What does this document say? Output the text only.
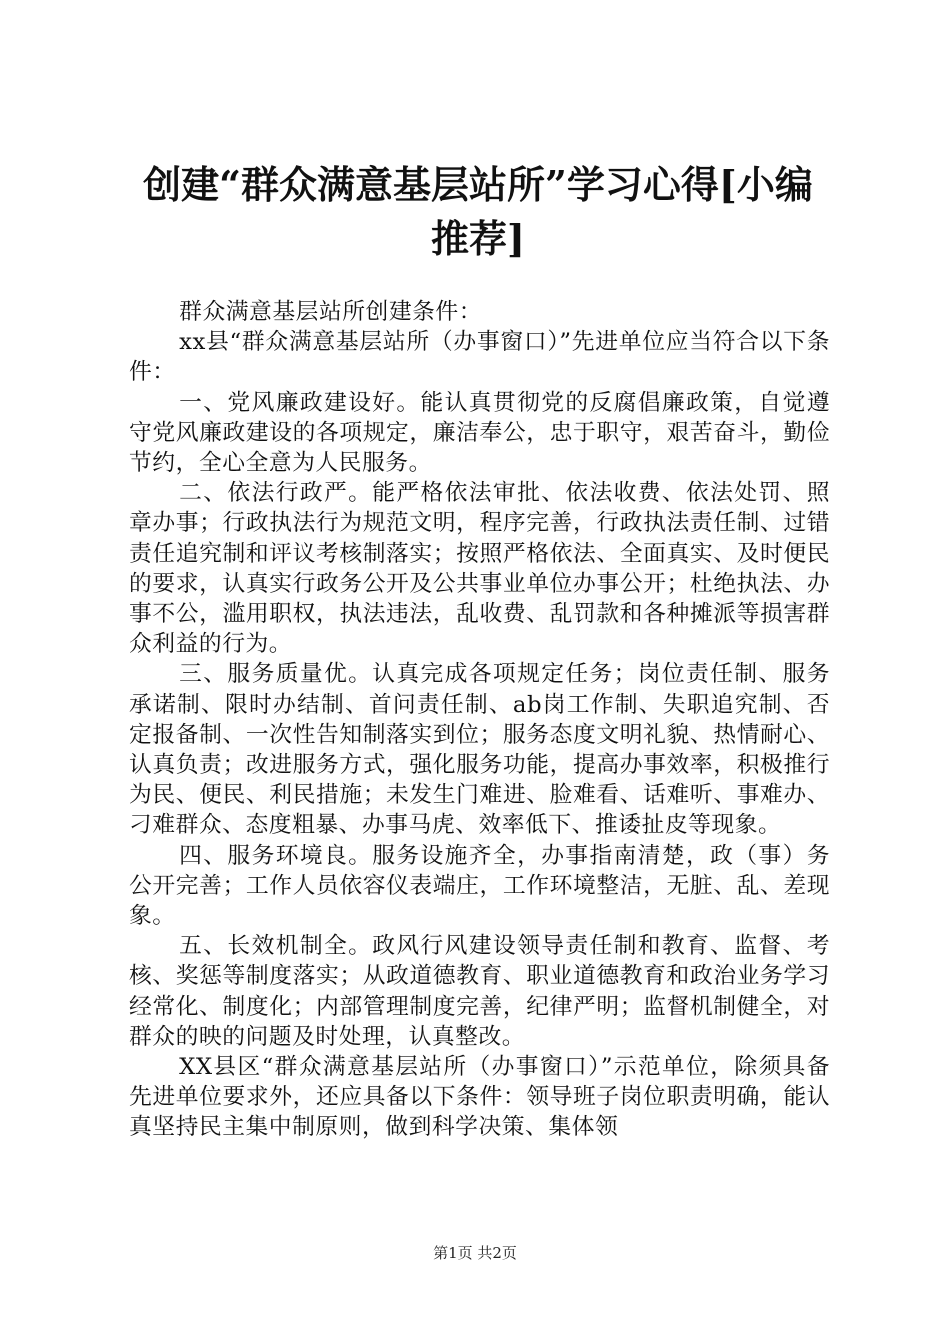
创建“群众满意基层站所”学习心得[小编推荐]

群众满意基层站所创建条件：

xx县“群众满意基层站所（办事窗口）”先进单位应当符合以下条件：

一、党风廉政建设好。能认真贯彻党的反腐倡廉政策，自觉遵守党风廉政建设的各项规定，廉洁奉公，忠于职守，艰苦奋斗，勤俭节约，全心全意为人民服务。

二、依法行政严。能严格依法审批、依法收费、依法处罚、照章办事；行政执法行为规范文明，程序完善，行政执法责任制、过错责任追究制和评议考核制落实；按照严格依法、全面真实、及时便民的要求，认真实行政务公开及公共事业单位办事公开；杜绝执法、办事不公，滥用职权，执法违法，乱收费、乱罚款和各种摊派等损害群众利益的行为。

三、服务质量优。认真完成各项规定任务；岗位责任制、服务承诺制、限时办结制、首问责任制、ab岗工作制、失职追究制、否定报备制、一次性告知制落实到位；服务态度文明礼貌、热情耐心、认真负责；改进服务方式，强化服务功能，提高办事效率，积极推行为民、便民、利民措施；未发生门难进、脸难看、话难听、事难办、刁难群众、态度粗暴、办事马虎、效率低下、推诿扯皮等现象。

四、服务环境良。服务设施齐全，办事指南清楚，政（事）务公开完善；工作人员依容仪表端庄，工作环境整洁，无脏、乱、差现象。

五、长效机制全。政风行风建设领导责任制和教育、监督、考核、奖惩等制度落实；从政道德教育、职业道德教育和政治业务学习经常化、制度化；内部管理制度完善，纪律严明；监督机制健全，对群众的映的问题及时处理，认真整改。

XX县区“群众满意基层站所（办事窗口）”示范单位，除须具备先进单位要求外，还应具备以下条件：领导班子岗位职责明确，能认真坚持民主集中制原则，做到科学决策、集体领

第1页 共2页
